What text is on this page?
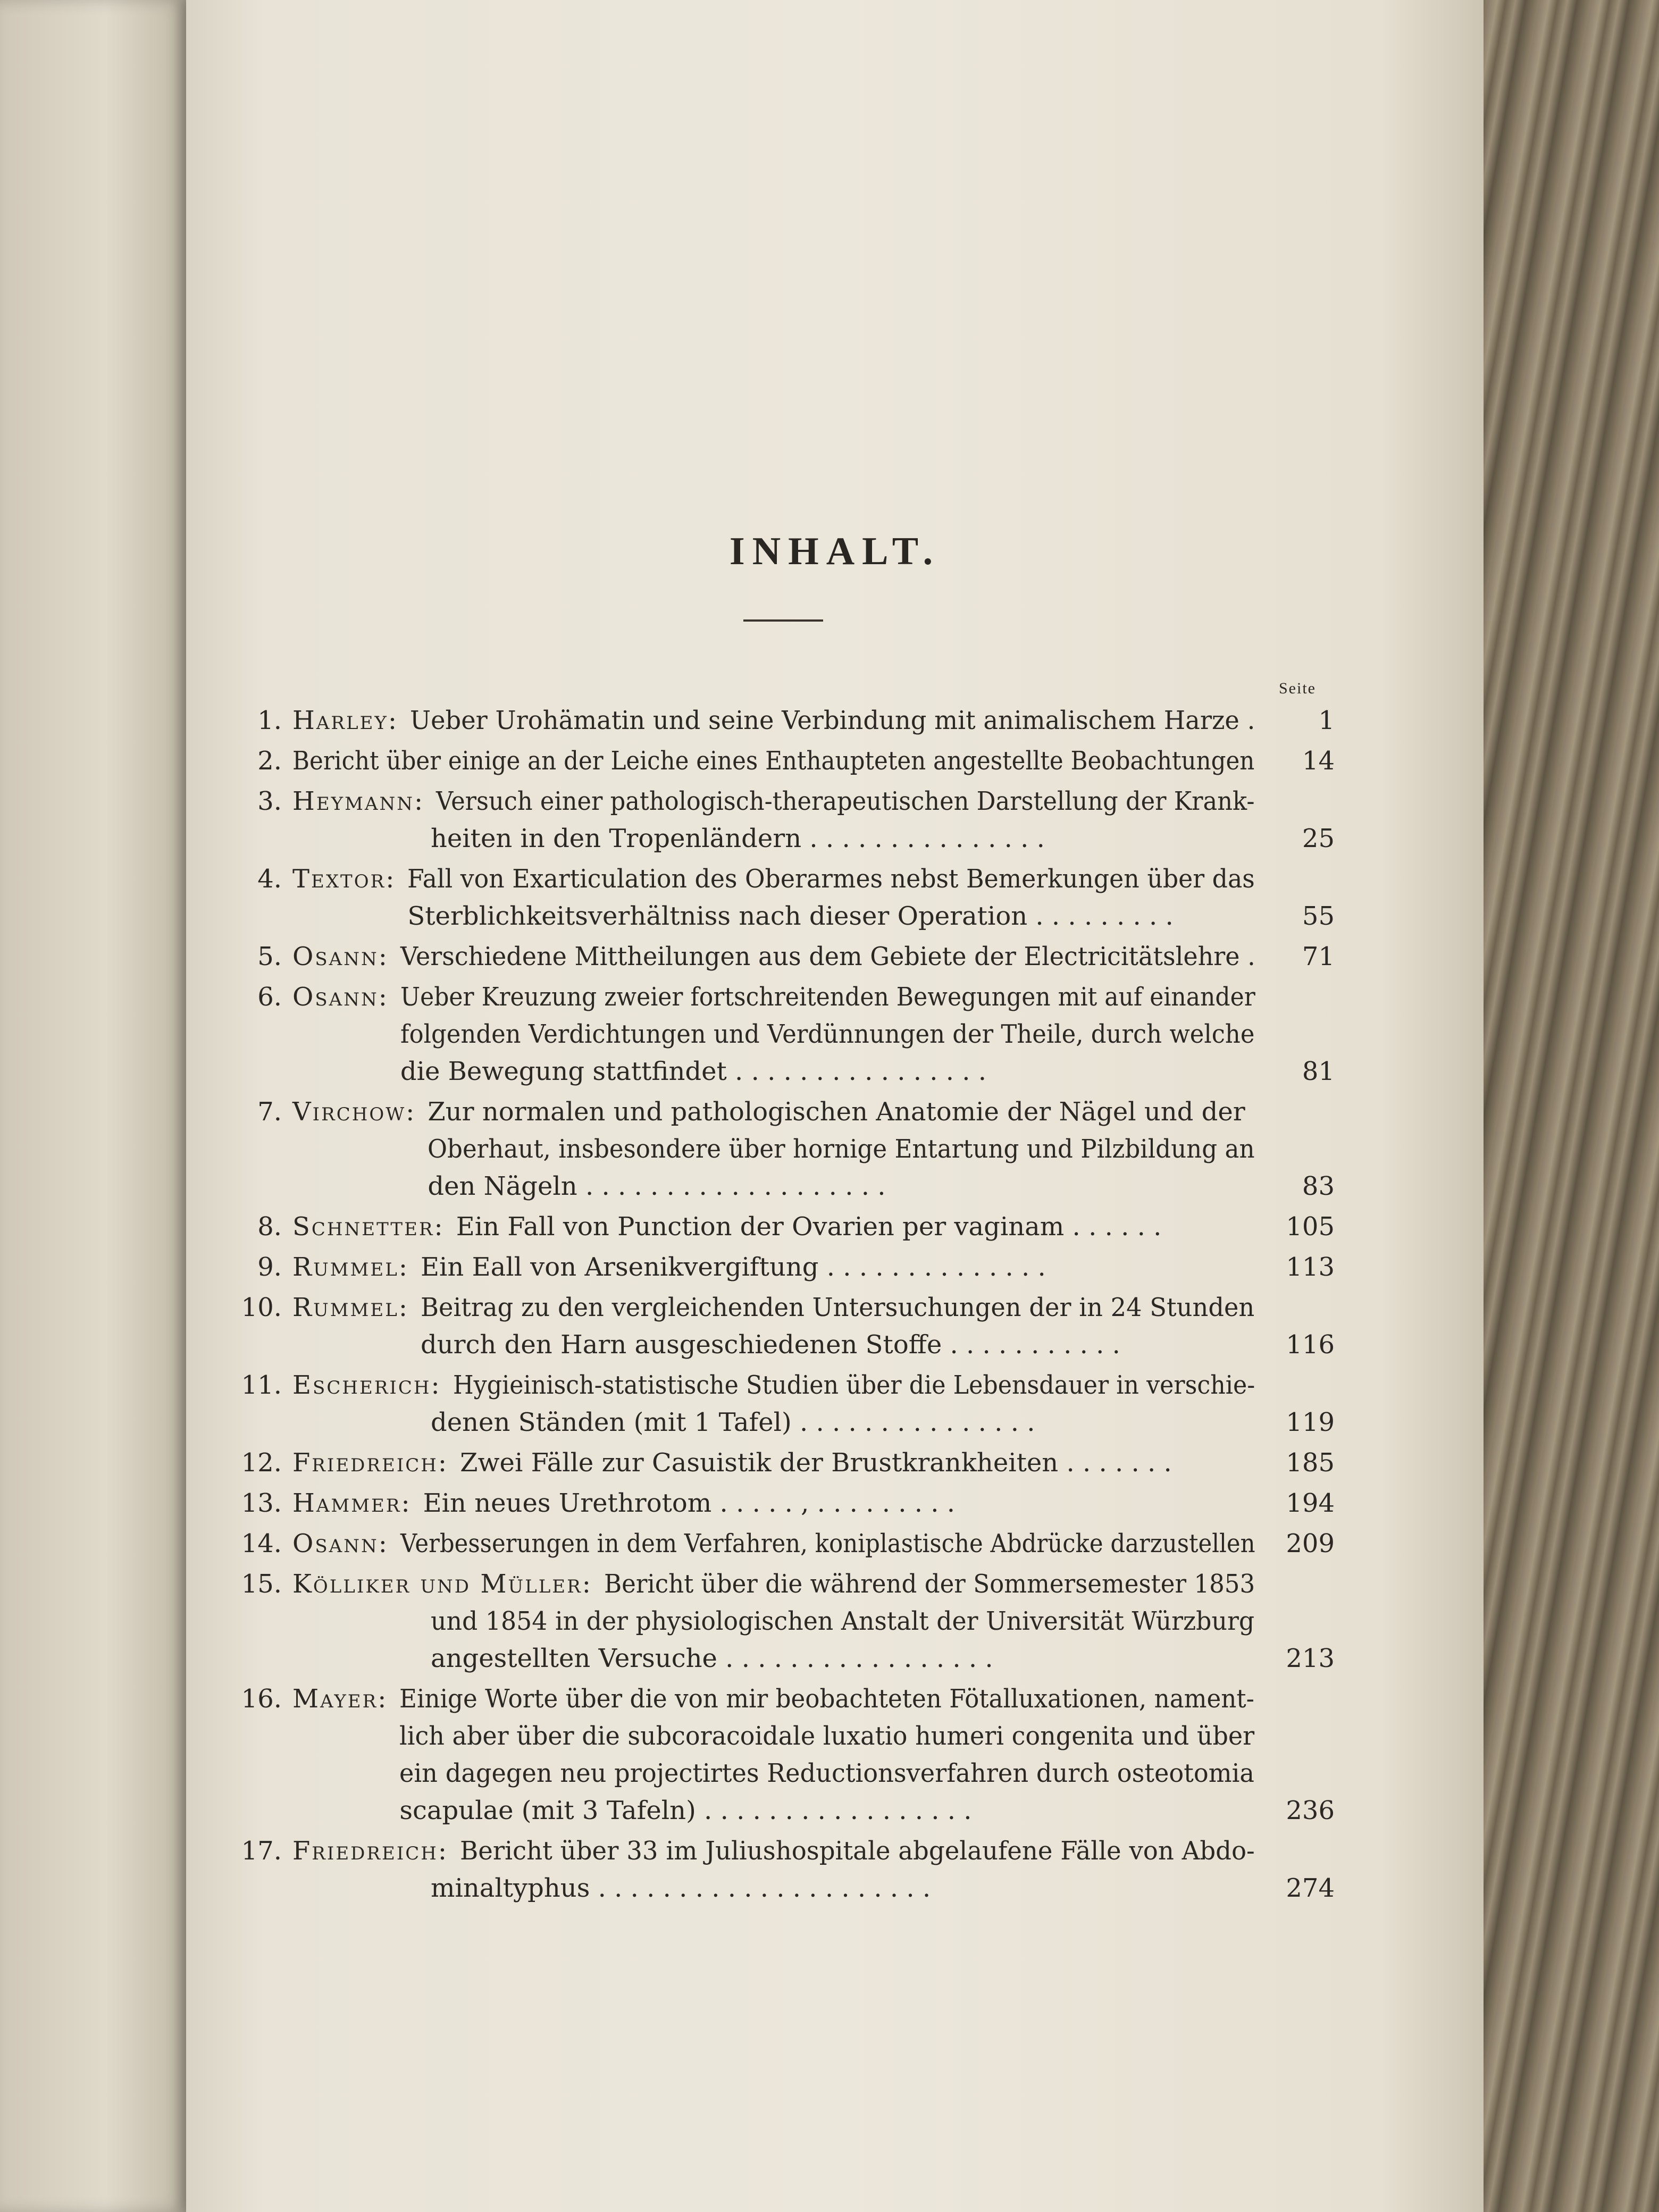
INHALT.
Seite
1. Harley: Ueber Urohämatin und seine Verbindung mit animalischem Harze .	1
2. Bericht über einige an der Leiche eines Enthaupteten angestellte Beobachtungen	14
3. Heymann: Versuch einer pathologisch-therapeutischen Darstellung der Krank-
heiten in den Tropenländern . . . . . . . . . . . . . . .	25
4. Textor: Fall von Exarticulation des Oberarmes nebst Bemerkungen über das
Sterblichkeitsverhältniss nach dieser Operation . . . . . . . . .	55
5. Osann: Verschiedene Mittheilungen aus dem Gebiete der Electricitätslehre .	71
6. Osann: Ueber Kreuzung zweier fortschreitenden Bewegungen mit auf einander
folgenden Verdichtungen und Verdünnungen der Theile, durch welche
die Bewegung stattfindet . . . . . . . . . . . . . . . .	81
7. Virchow: Zur normalen und pathologischen Anatomie der Nägel und der
Oberhaut, insbesondere über hornige Entartung und Pilzbildung an
den Nägeln . . . . . . . . . . . . . . . . . . .	83
8. Schnetter: Ein Fall von Punction der Ovarien per vaginam . . . . . .	105
9. Rummel: Ein Eall von Arsenikvergiftung . . . . . . . . . . . . . .	113
10. Rummel: Beitrag zu den vergleichenden Untersuchungen der in 24 Stunden
durch den Harn ausgeschiedenen Stoffe . . . . . . . . . . .	116
11. Escherich: Hygieinisch-statistische Studien über die Lebensdauer in verschie-
denen Ständen (mit 1 Tafel) . . . . . . . . . . . . . . .	119
12. Friedreich: Zwei Fälle zur Casuistik der Brustkrankheiten . . . . . . .	185
13. Hammer: Ein neues Urethrotom . . . . . , . . . . . . . . .	194
14. Osann: Verbesserungen in dem Verfahren, koniplastische Abdrücke darzustellen	209
15. Kölliker und Müller: Bericht über die während der Sommersemester 1853
und 1854 in der physiologischen Anstalt der Universität Würzburg
angestellten Versuche . . . . . . . . . . . . . . . . .	213
16. Mayer: Einige Worte über die von mir beobachteten Fötalluxationen, nament-
lich aber über die subcoracoidale luxatio humeri congenita und über
ein dagegen neu projectirtes Reductionsverfahren durch osteotomia
scapulae (mit 3 Tafeln) . . . . . . . . . . . . . . . . .	236
17. Friedreich: Bericht über 33 im Juliushospitale abgelaufene Fälle von Abdo-
minaltyphus . . . . . . . . . . . . . . . . . . . . .	274
